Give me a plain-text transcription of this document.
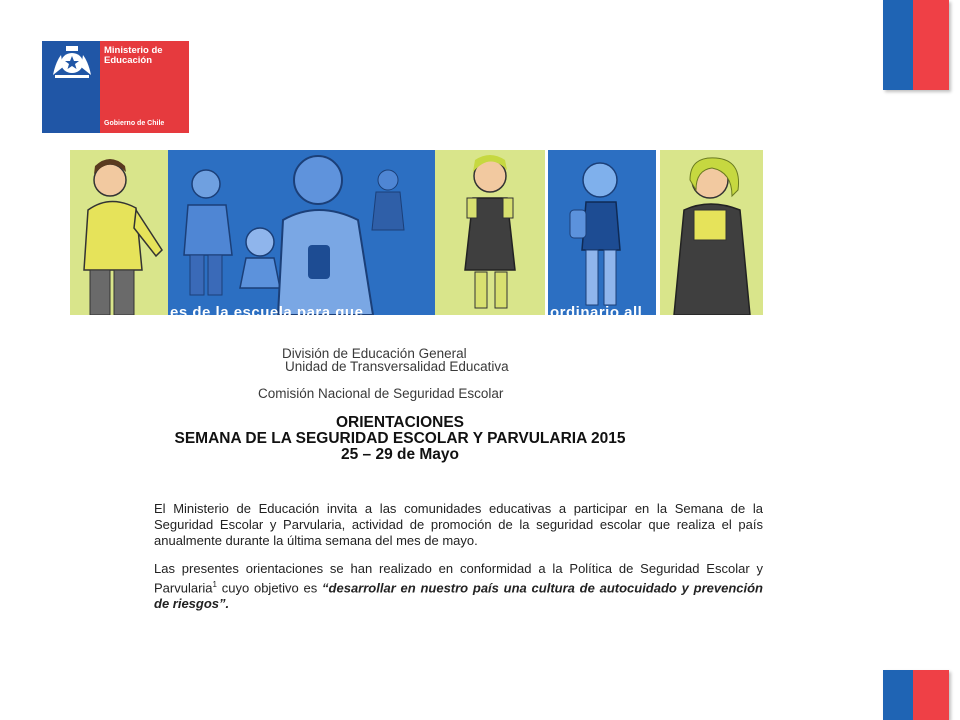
Ministerio de Educación
Gobierno de Chile
es de la escuela para que	ordinario all
División de Educación General
Unidad de Transversalidad Educativa
Comisión Nacional de Seguridad Escolar
ORIENTACIONES
SEMANA DE LA SEGURIDAD ESCOLAR Y PARVULARIA 2015
25 – 29 de Mayo
El Ministerio de Educación invita a las comunidades educativas a participar en la Semana de la Seguridad Escolar y Parvularia, actividad de promoción de la seguridad escolar que realiza el país anualmente durante la última semana del mes de mayo.
Las presentes orientaciones se han realizado en conformidad a la Política de Seguridad Escolar y Parvularia$^1$ cuyo objetivo es “desarrollar en nuestro país una cultura de autocuidado y prevención de riesgos”.
